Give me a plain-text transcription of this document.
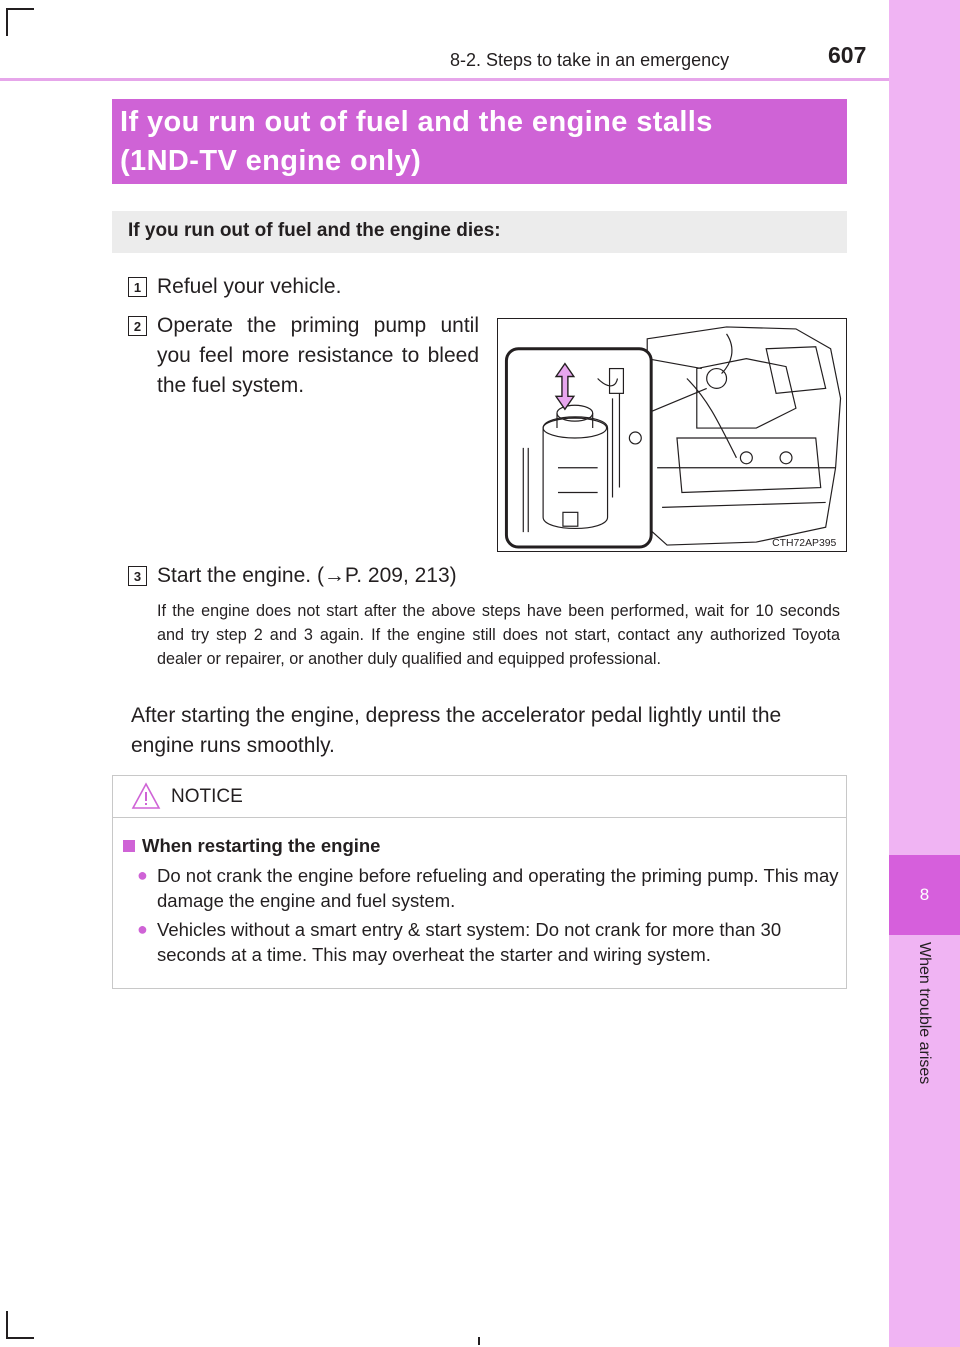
8
When trouble arises
8-2. Steps to take in an emergency	607
If you run out of fuel and the engine stalls
(1ND-TV engine only)
If you run out of fuel and the engine dies:
1 Refuel your vehicle.
2 Operate the priming pump until you feel more resistance to bleed the fuel system.
CTH72AP395
3 Start the engine. (→P. 209, 213)
If the engine does not start after the above steps have been performed, wait for 10 seconds and try step 2 and 3 again. If the engine still does not start, contact any authorized Toyota dealer or repairer, or another duly qualified and equipped professional.
After starting the engine, depress the accelerator pedal lightly until the engine runs smoothly.
NOTICE
When restarting the engine
● Do not crank the engine before refueling and operating the priming pump. This may damage the engine and fuel system.
● Vehicles without a smart entry & start system: Do not crank for more than 30 seconds at a time. This may overheat the starter and wiring system.
